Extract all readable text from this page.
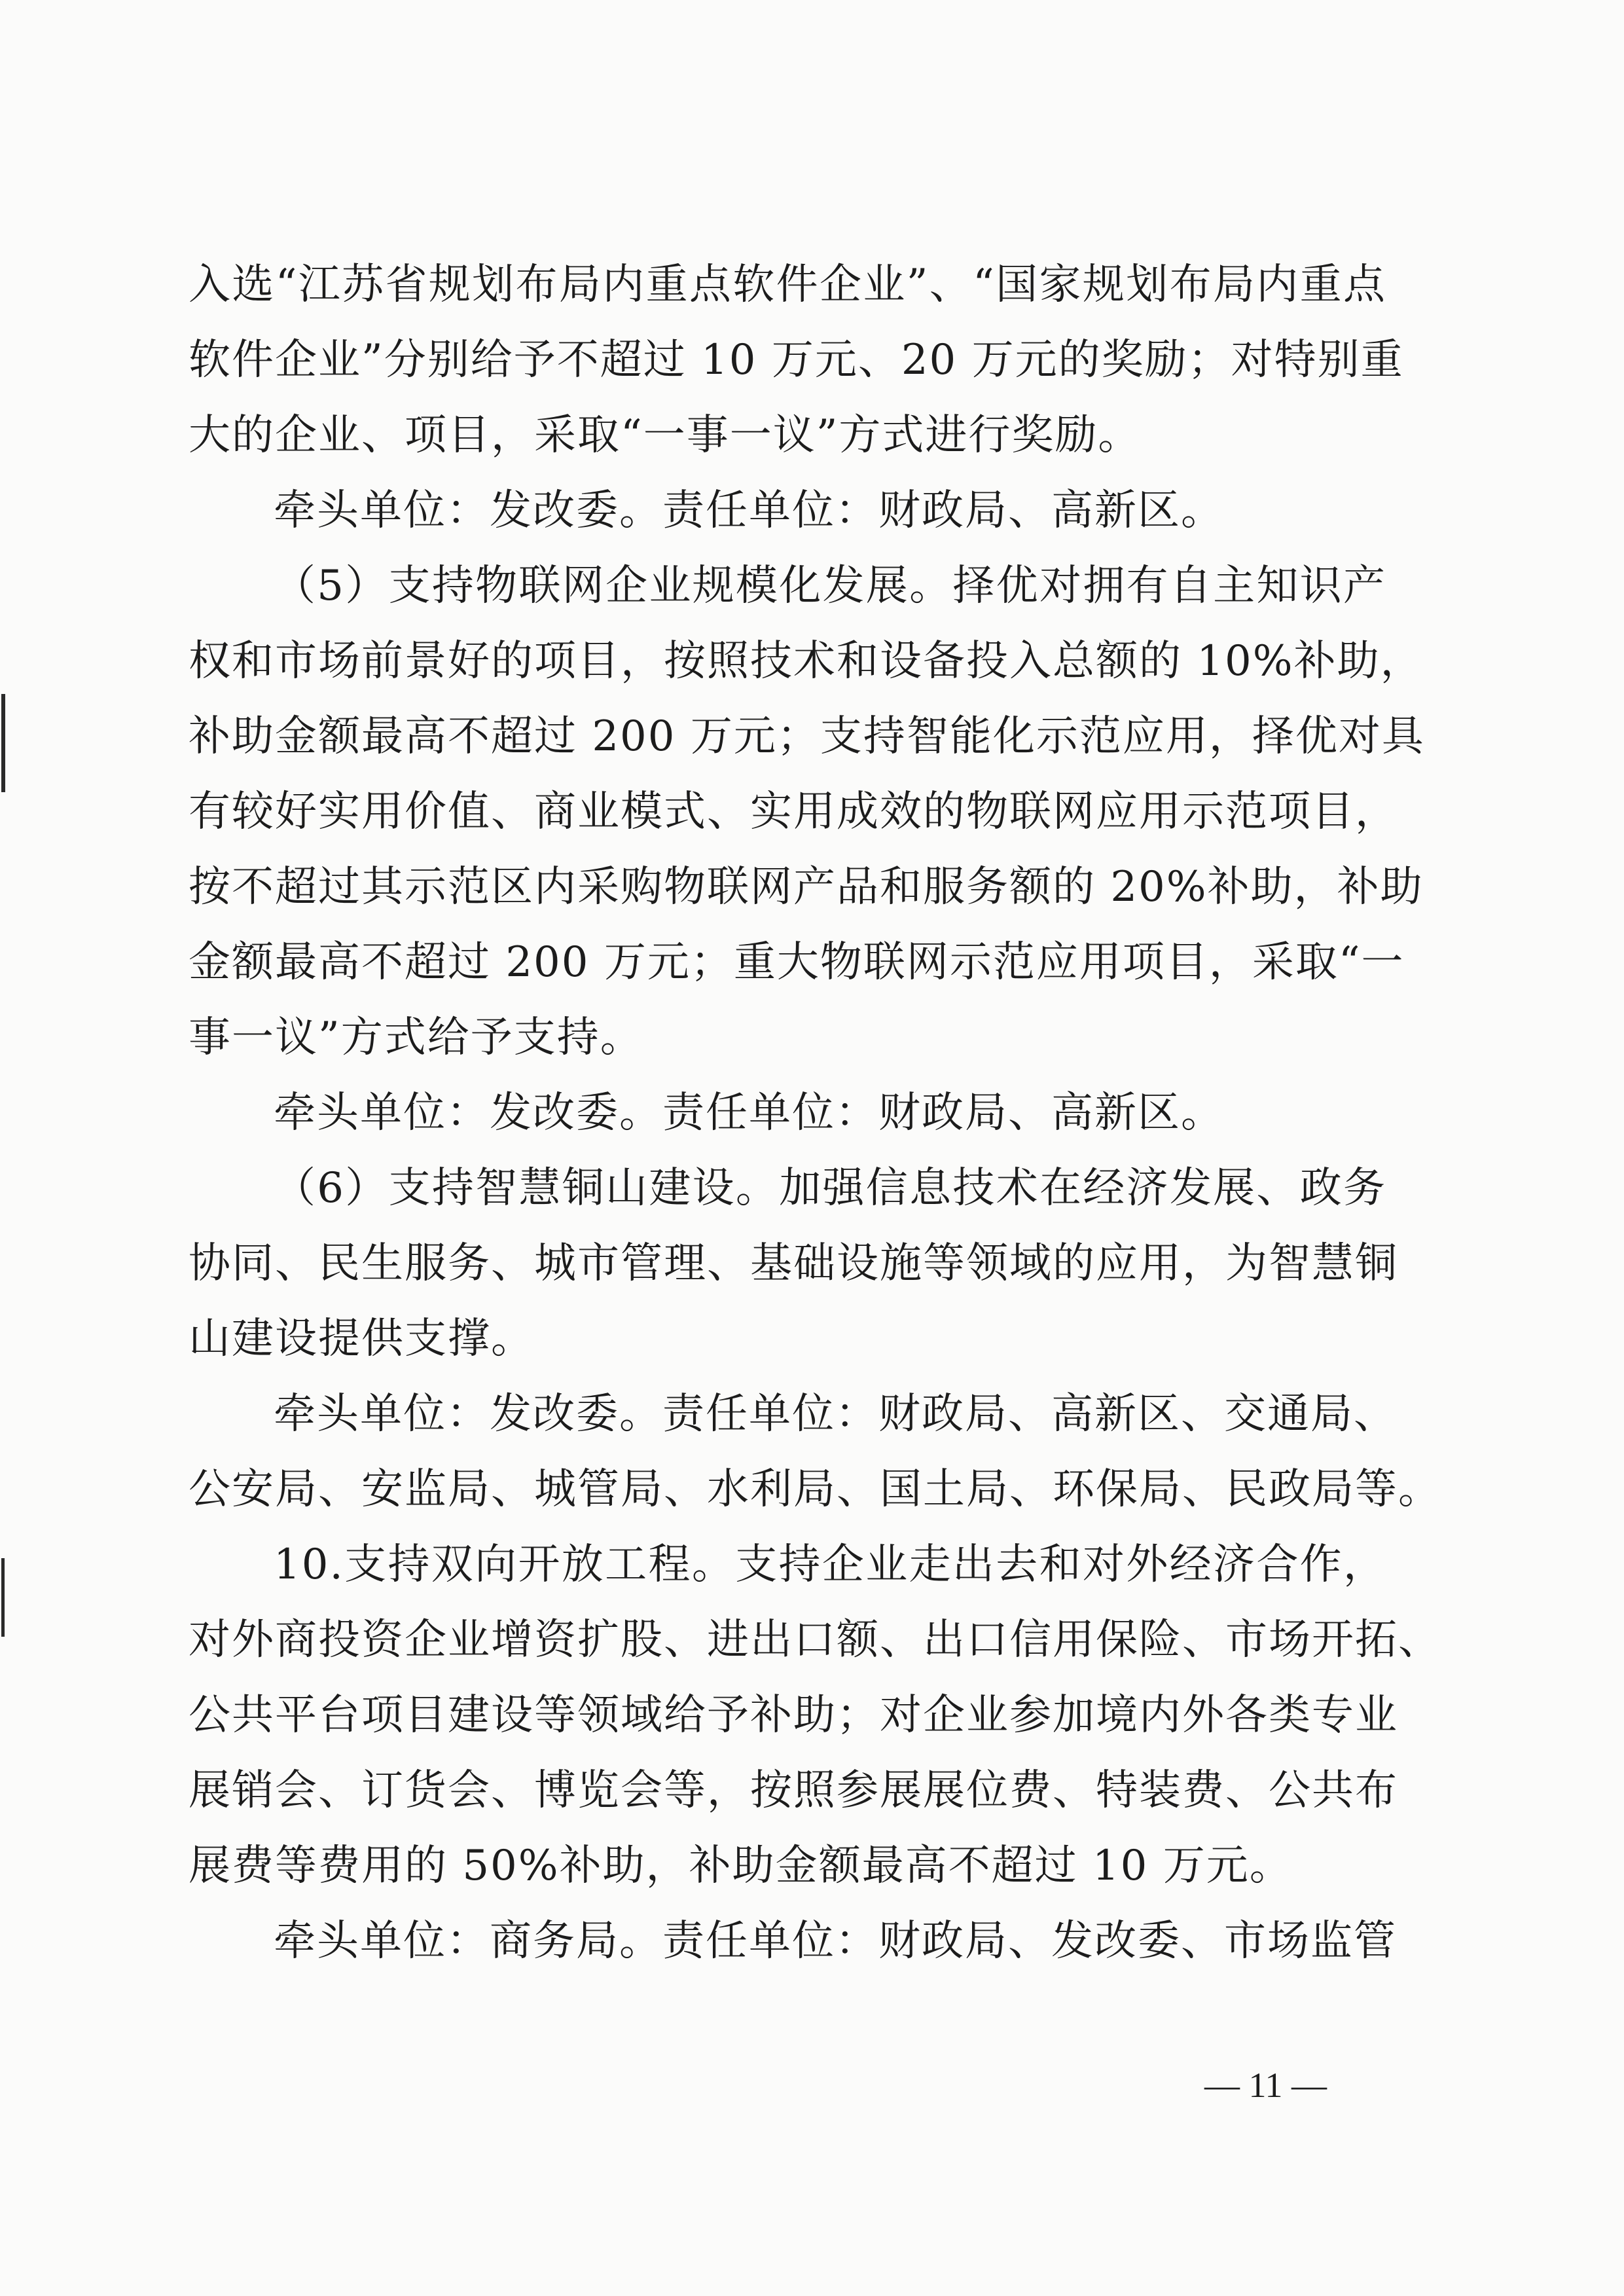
入选“江苏省规划布局内重点软件企业”、“国家规划布局内重点
软件企业”分别给予不超过 10 万元、20 万元的奖励；对特别重
大的企业、项目，采取“一事一议”方式进行奖励。
牵头单位：发改委。责任单位：财政局、高新区。
（5）支持物联网企业规模化发展。择优对拥有自主知识产
权和市场前景好的项目，按照技术和设备投入总额的 10%补助，
补助金额最高不超过 200 万元；支持智能化示范应用，择优对具
有较好实用价值、商业模式、实用成效的物联网应用示范项目，
按不超过其示范区内采购物联网产品和服务额的 20%补助，补助
金额最高不超过 200 万元；重大物联网示范应用项目，采取“一
事一议”方式给予支持。
牵头单位：发改委。责任单位：财政局、高新区。
（6）支持智慧铜山建设。加强信息技术在经济发展、政务
协同、民生服务、城市管理、基础设施等领域的应用，为智慧铜
山建设提供支撑。
牵头单位：发改委。责任单位：财政局、高新区、交通局、
公安局、安监局、城管局、水利局、国土局、环保局、民政局等。
10.支持双向开放工程。支持企业走出去和对外经济合作，
对外商投资企业增资扩股、进出口额、出口信用保险、市场开拓、
公共平台项目建设等领域给予补助；对企业参加境内外各类专业
展销会、订货会、博览会等，按照参展展位费、特装费、公共布
展费等费用的 50%补助，补助金额最高不超过 10 万元。
牵头单位：商务局。责任单位：财政局、发改委、市场监管
— 11 —
